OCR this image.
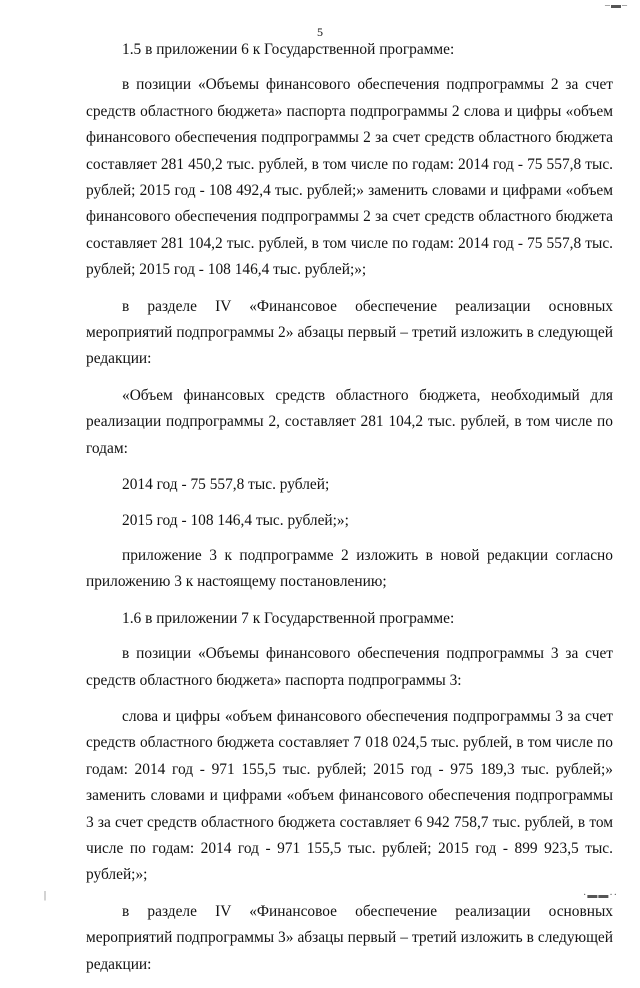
‒▬‒
5

1.5 в приложении 6 к Государственной программе:

в позиции «Объемы финансового обеспечения подпрограммы 2 за счет средств областного бюджета» паспорта подпрограммы 2 слова и цифры «объем финансового обеспечения подпрограммы 2 за счет средств областного бюджета составляет 281 450,2 тыс. рублей, в том числе по годам: 2014 год - 75 557,8 тыс. рублей; 2015 год - 108 492,4 тыс. рублей;» заменить словами и цифрами «объем финансового обеспечения подпрограммы 2 за счет средств областного бюджета составляет 281 104,2 тыс. рублей, в том числе по годам: 2014 год - 75 557,8 тыс. рублей; 2015 год - 108 146,4 тыс. рублей;»;

в разделе IV «Финансовое обеспечение реализации основных мероприятий подпрограммы 2» абзацы первый – третий изложить в следующей редакции:

«Объем финансовых средств областного бюджета, необходимый для реализации подпрограммы 2, составляет 281 104,2 тыс. рублей, в том числе по годам:

2014 год - 75 557,8 тыс. рублей;

2015 год - 108 146,4 тыс. рублей;»;

приложение 3 к подпрограмме 2 изложить в новой редакции согласно приложению 3 к настоящему постановлению;

1.6 в приложении 7 к Государственной программе:

в позиции «Объемы финансового обеспечения подпрограммы 3 за счет средств областного бюджета» паспорта подпрограммы 3:

слова и цифры «объем финансового обеспечения подпрограммы 3 за счет средств областного бюджета составляет 7 018 024,5 тыс. рублей, в том числе по годам: 2014 год - 971 155,5 тыс. рублей; 2015 год - 975 189,3 тыс. рублей;» заменить словами и цифрами «объем финансового обеспечения подпрограммы 3 за счет средств областного бюджета составляет 6 942 758,7 тыс. рублей, в том числе по годам: 2014 год - 971 155,5 тыс. рублей; 2015 год - 899 923,5 тыс. рублей;»;

в разделе IV «Финансовое обеспечение реализации основных мероприятий подпрограммы 3» абзацы первый – третий изложить в следующей редакции:

|	·▬▬··
